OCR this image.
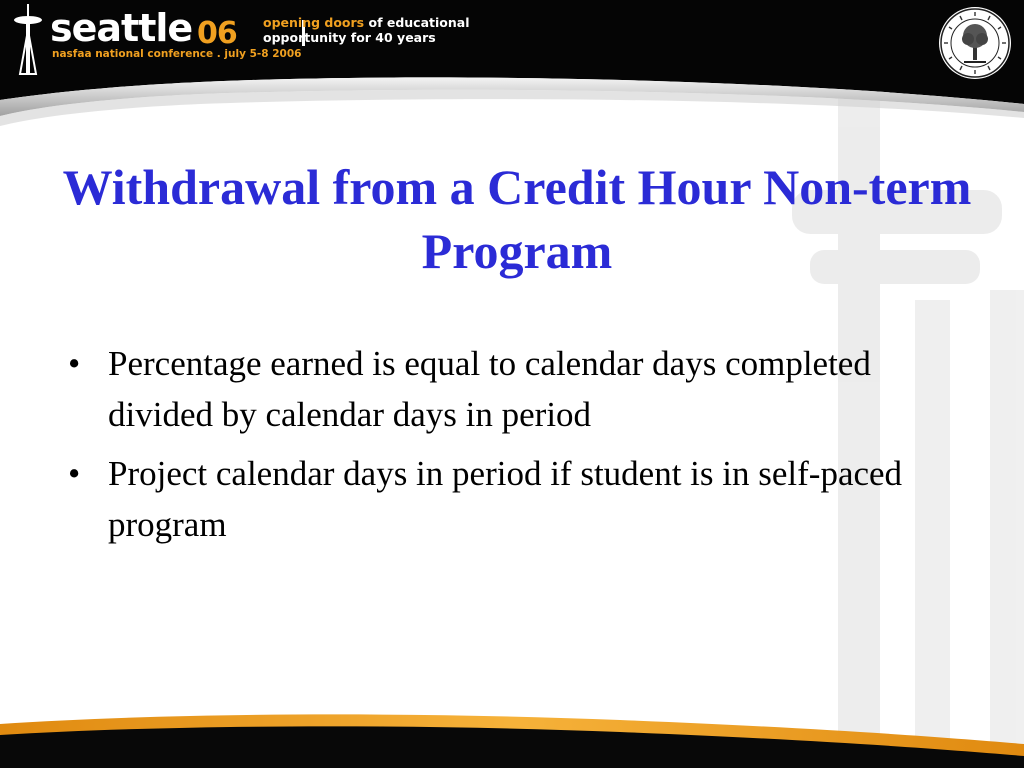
seattle 06
nasfaa national conference . july 5-8 2006
opening doors of educational
opportunity for 40 years
Withdrawal from a Credit Hour Non-term Program
• Percentage earned is equal to calendar days completed divided by calendar days in period
• Project calendar days in period if student is in self-paced program
